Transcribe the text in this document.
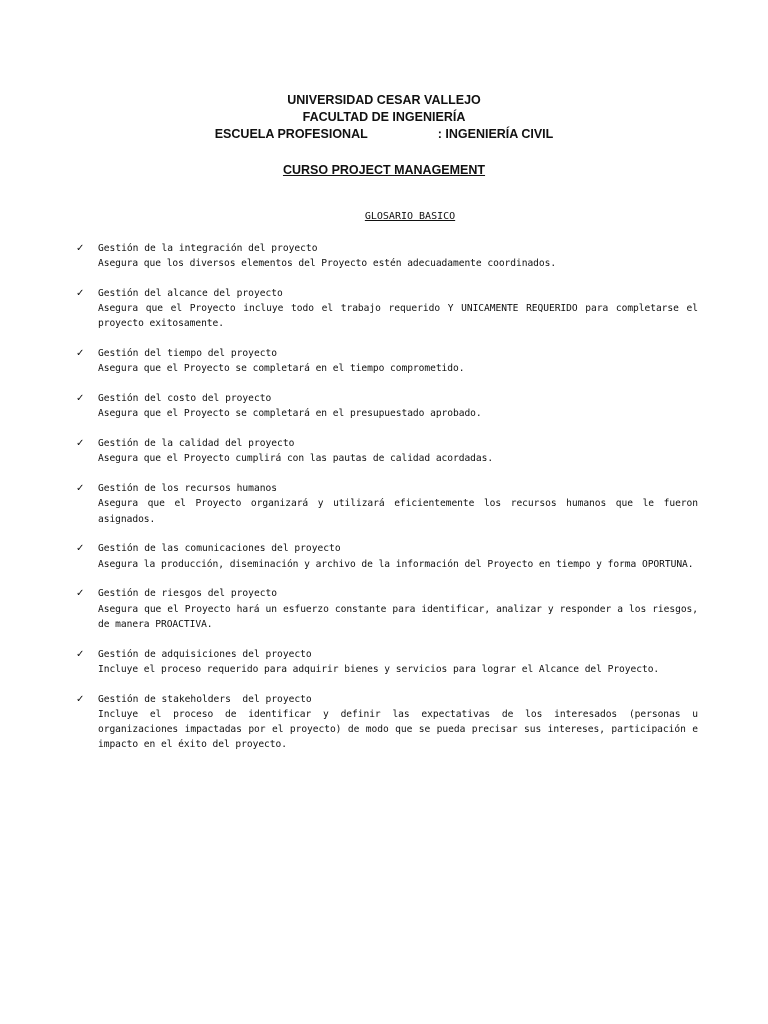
UNIVERSIDAD CESAR VALLEJO
FACULTAD DE INGENIERÍA
ESCUELA PROFESIONAL	: INGENIERÍA CIVIL
CURSO PROJECT MANAGEMENT
GLOSARIO BASICO
✓ Gestión de la integración del proyecto
Asegura que los diversos elementos del Proyecto estén adecuadamente coordinados.
✓ Gestión del alcance del proyecto
Asegura que el Proyecto incluye todo el trabajo requerido Y UNICAMENTE REQUERIDO para completarse el proyecto exitosamente.
✓ Gestión del tiempo del proyecto
Asegura que el Proyecto se completará en el tiempo comprometido.
✓ Gestión del costo del proyecto
Asegura que el Proyecto se completará en el presupuestado aprobado.
✓ Gestión de la calidad del proyecto
Asegura que el Proyecto cumplirá con las pautas de calidad acordadas.
✓ Gestión de los recursos humanos
Asegura que el Proyecto organizará y utilizará eficientemente los recursos humanos que le fueron asignados.
✓ Gestión de las comunicaciones del proyecto
Asegura la producción, diseminación y archivo de la información del Proyecto en tiempo y forma OPORTUNA.
✓ Gestión de riesgos del proyecto
Asegura que el Proyecto hará un esfuerzo constante para identificar, analizar y responder a los riesgos, de manera PROACTIVA.
✓ Gestión de adquisiciones del proyecto
Incluye el proceso requerido para adquirir bienes y servicios para lograr el Alcance del Proyecto.
✓ Gestión de stakeholders  del proyecto
Incluye el proceso de identificar y definir las expectativas de los interesados (personas u organizaciones impactadas por el proyecto) de modo que se pueda precisar sus intereses, participación e impacto en el éxito del proyecto.
